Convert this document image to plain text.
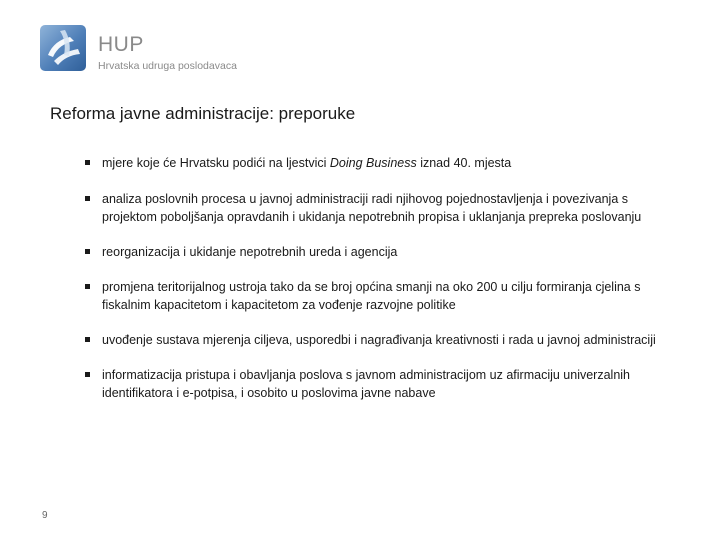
HUP
Hrvatska udruga poslodavaca
Reforma javne administracije: preporuke
mjere koje će Hrvatsku podići na ljestvici Doing Business iznad 40. mjesta
analiza poslovnih procesa u javnoj administraciji radi njihovog pojednostavljenja i povezivanja s projektom poboljšanja opravdanih i ukidanja nepotrebnih propisa i uklanjanja prepreka poslovanju
reorganizacija i ukidanje nepotrebnih ureda i agencija
promjena teritorijalnog ustroja tako da se broj općina smanji na oko 200 u cilju formiranja cjelina s fiskalnim kapacitetom i kapacitetom za vođenje razvojne politike
uvođenje sustava mjerenja ciljeva, usporedbi i nagrađivanja kreativnosti i rada u javnoj administraciji
informatizacija pristupa i obavljanja poslova s javnom administracijom uz afirmaciju univerzalnih identifikatora i e-potpisa, i osobito u poslovima javne nabave
9
